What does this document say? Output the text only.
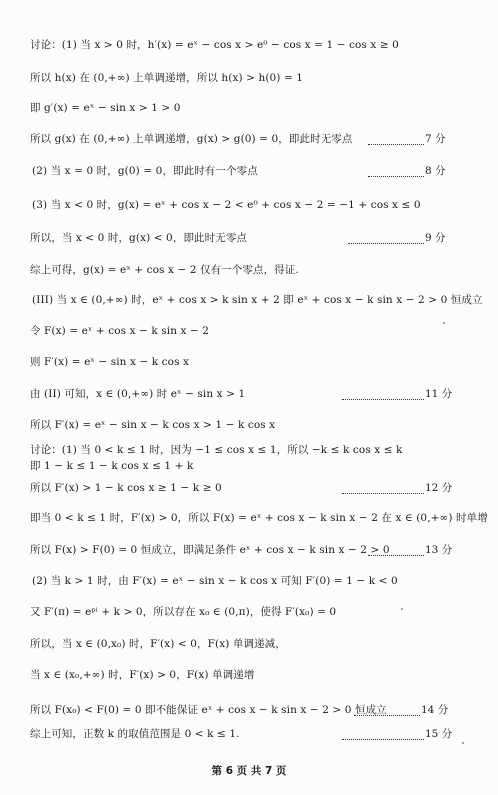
讨论：(1) 当 x > 0 时，h′(x) = eˣ − cos x > e⁰ − cos x = 1 − cos x ≥ 0
所以 h(x) 在 (0,+∞) 上单调递增，所以 h(x) > h(0) = 1
即 g′(x) = eˣ − sin x > 1 > 0
所以 g(x) 在 (0,+∞) 上单调递增，g(x) > g(0) = 0，即此时无零点	7 分
(2) 当 x = 0 时，g(0) = 0，即此时有一个零点	8 分
(3) 当 x < 0 时，g(x) = eˣ + cos x − 2 < e⁰ + cos x − 2 = −1 + cos x ≤ 0
所以，当 x < 0 时，g(x) < 0，即此时无零点	9 分
综上可得，g(x) = eˣ + cos x − 2 仅有一个零点，得证.
(III) 当 x ∈ (0,+∞) 时，eˣ + cos x > k sin x + 2 即 eˣ + cos x − k sin x − 2 > 0 恒成立
令 F(x) = eˣ + cos x − k sin x − 2
则 F′(x) = eˣ − sin x − k cos x
由 (II) 可知，x ∈ (0,+∞) 时 eˣ − sin x > 1	11 分
所以 F′(x) = eˣ − sin x − k cos x > 1 − k cos x
讨论：(1) 当 0 < k ≤ 1 时，因为 −1 ≤ cos x ≤ 1，所以 −k ≤ k cos x ≤ k
即 1 − k ≤ 1 − k cos x ≤ 1 + k
所以 F′(x) > 1 − k cos x ≥ 1 − k ≥ 0	12 分
即当 0 < k ≤ 1 时，F′(x) > 0，所以 F(x) = eˣ + cos x − k sin x − 2 在 x ∈ (0,+∞) 时单增
所以 F(x) > F(0) = 0 恒成立，即满足条件 eˣ + cos x − k sin x − 2 > 0	13 分
(2) 当 k > 1 时，由 F′(x) = eˣ − sin x − k cos x 可知 F′(0) = 1 − k < 0
又 F′(π) = eᵖⁱ + k > 0，所以存在 x₀ ∈ (0,π)，使得 F′(x₀) = 0
所以，当 x ∈ (0,x₀) 时，F′(x) < 0，F(x) 单调递减，
当 x ∈ (x₀,+∞) 时，F′(x) > 0，F(x) 单调递增
所以 F(x₀) < F(0) = 0 即不能保证 eˣ + cos x − k sin x − 2 > 0 恒成立	14 分
综上可知，正数 k 的取值范围是 0 < k ≤ 1.	15 分
第 6 页 共 7 页
